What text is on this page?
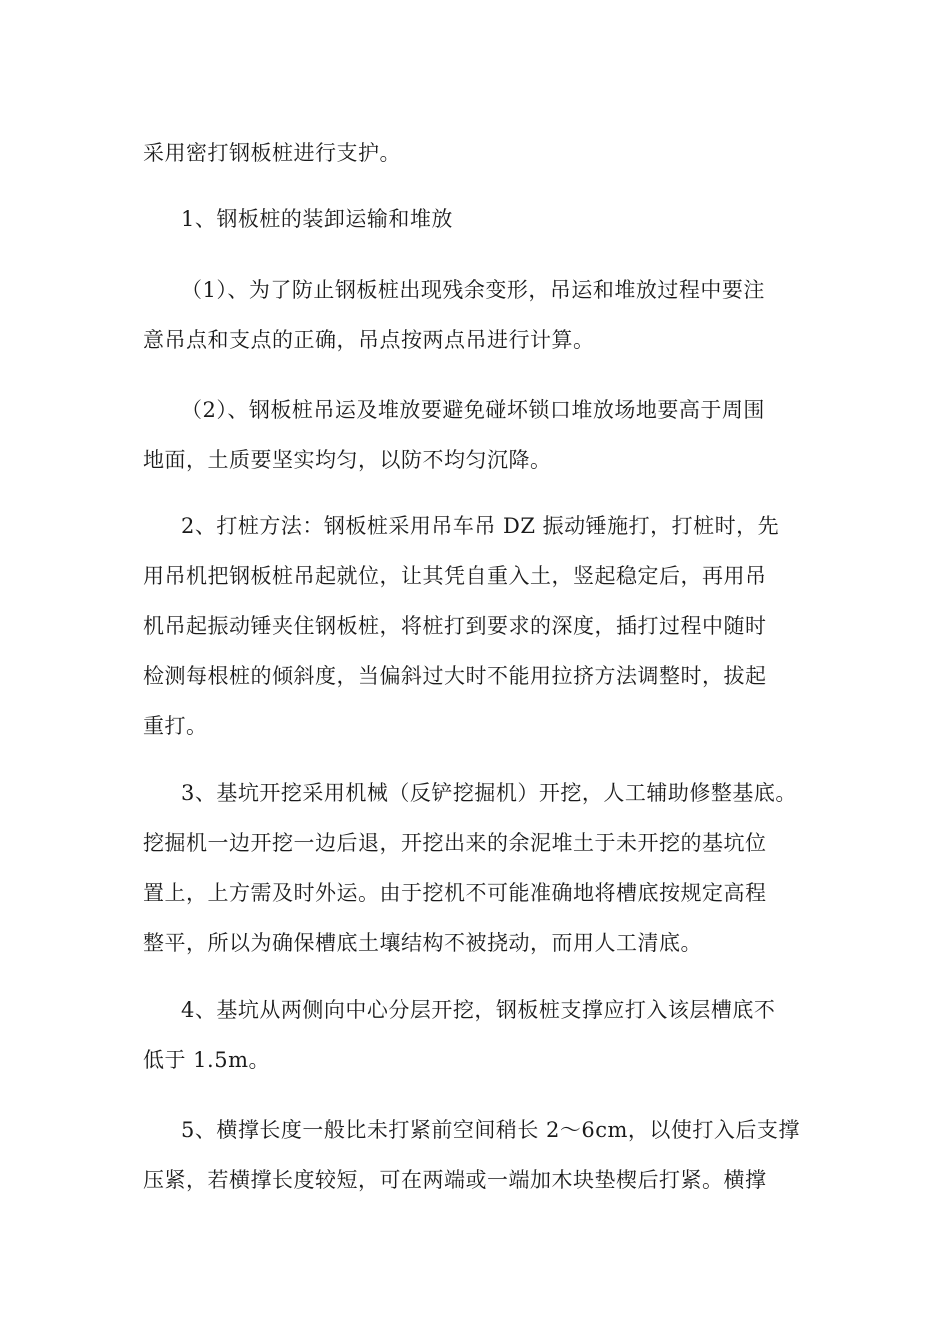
采用密打钢板桩进行支护。
1、钢板桩的装卸运输和堆放
（1）、为了防止钢板桩出现残余变形，吊运和堆放过程中要注
意吊点和支点的正确，吊点按两点吊进行计算。
（2）、钢板桩吊运及堆放要避免碰坏锁口堆放场地要高于周围
地面，土质要坚实均匀，以防不均匀沉降。
2、打桩方法：钢板桩采用吊车吊 DZ 振动锤施打，打桩时，先
用吊机把钢板桩吊起就位，让其凭自重入土，竖起稳定后，再用吊
机吊起振动锤夹住钢板桩，将桩打到要求的深度，插打过程中随时
检测每根桩的倾斜度，当偏斜过大时不能用拉挤方法调整时，拔起
重打。
3、基坑开挖采用机械（反铲挖掘机）开挖，人工辅助修整基底。
挖掘机一边开挖一边后退，开挖出来的余泥堆土于未开挖的基坑位
置上，上方需及时外运。由于挖机不可能准确地将槽底按规定高程
整平，所以为确保槽底土壤结构不被挠动，而用人工清底。
4、基坑从两侧向中心分层开挖，钢板桩支撑应打入该层槽底不
低于 1.5m。
5、横撑长度一般比未打紧前空间稍长 2～6cm，以使打入后支撑
压紧，若横撑长度较短，可在两端或一端加木块垫楔后打紧。横撑
